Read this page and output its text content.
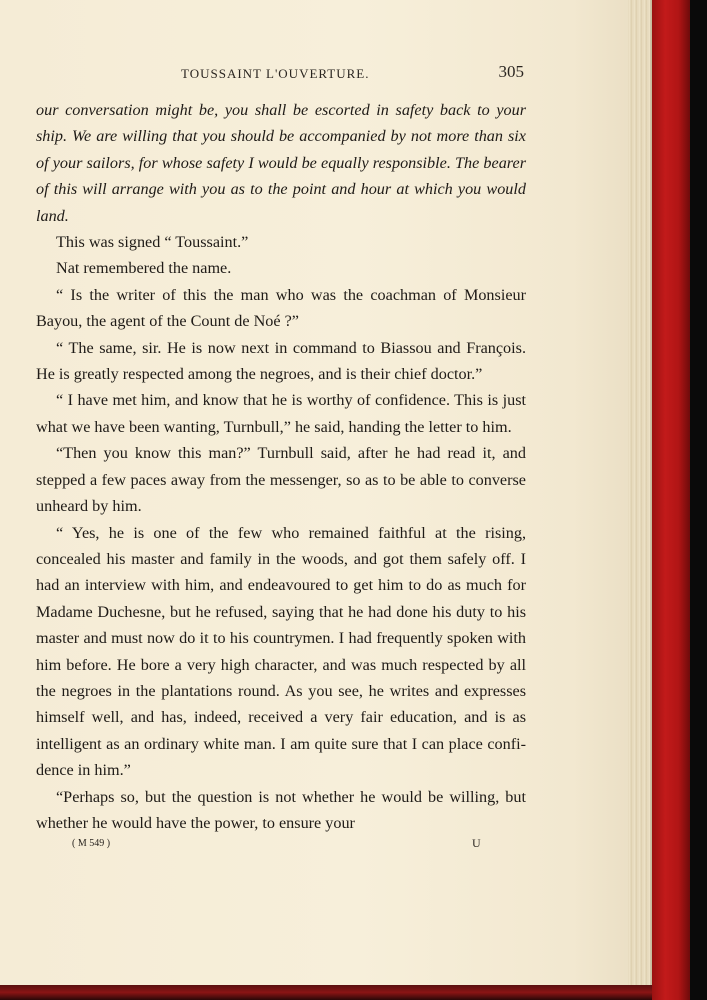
TOUSSAINT L'OUVERTURE.	305

our conversation might be, you shall be escorted in safety back to your ship. We are willing that you should be accompanied by not more than six of your sailors, for whose safety I would be equally responsible. The bearer of this will arrange with you as to the point and hour at which you would land.

This was signed “ Toussaint.”

Nat remembered the name.

“ Is the writer of this the man who was the coachman of Monsieur Bayou, the agent of the Count de Noé ?”

“ The same, sir. He is now next in command to Biassou and François. He is greatly respected among the negroes, and is their chief doctor.”

“ I have met him, and know that he is worthy of confidence. This is just what we have been wanting, Turnbull,” he said, handing the letter to him.

“Then you know this man?” Turnbull said, after he had read it, and stepped a few paces away from the messenger, so as to be able to converse unheard by him.

“ Yes, he is one of the few who remained faithful at the rising, concealed his master and family in the woods, and got them safely off. I had an interview with him, and endeavoured to get him to do as much for Madame Duchesne, but he refused, saying that he had done his duty to his master and must now do it to his countrymen. I had frequently spoken with him before. He bore a very high character, and was much respected by all the negroes in the plantations round. As you see, he writes and expresses himself well, and has, indeed, received a very fair education, and is as intelligent as an ordinary white man. I am quite sure that I can place confidence in him.”

“Perhaps so, but the question is not whether he would be willing, but whether he would have the power, to ensure your

( M 549 )	U
